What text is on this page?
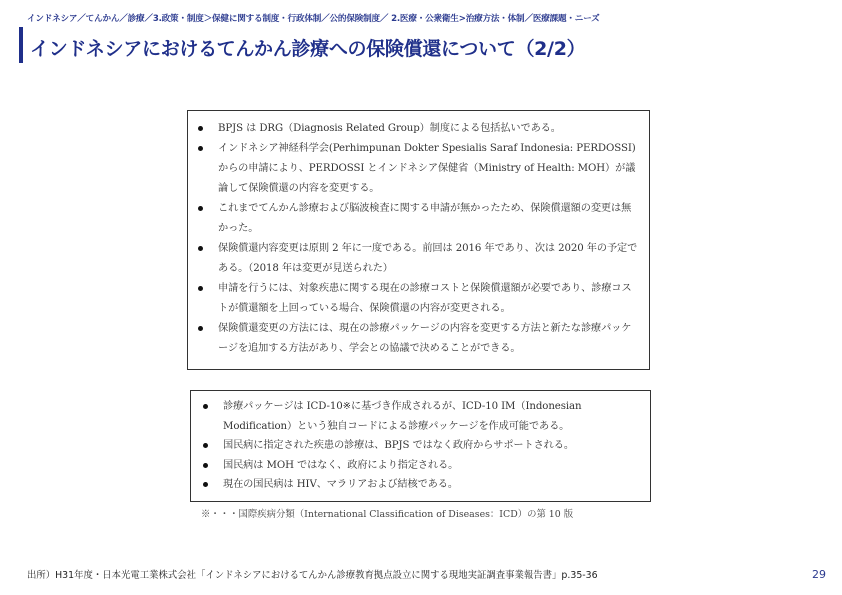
インドネシア／てんかん／診療／3.政策・制度＞保健に関する制度・行政体制／公的保険制度／ 2.医療・公衆衛生>治療方法・体制／医療課題・ニーズ
インドネシアにおけるてんかん診療への保険償還について（2/2）
BPJS は DRG（Diagnosis Related Group）制度による包括払いである。
インドネシア神経科学会(Perhimpunan Dokter Spesialis Saraf Indonesia: PERDOSSI)からの申請により、PERDOSSI とインドネシア保健省（Ministry of Health: MOH）が議論して保険償還の内容を変更する。
これまでてんかん診療および脳波検査に関する申請が無かったため、保険償還額の変更は無かった。
保険償還内容変更は原則 2 年に一度である。前回は 2016 年であり、次は 2020 年の予定である。（2018 年は変更が見送られた）
申請を行うには、対象疾患に関する現在の診療コストと保険償還額が必要であり、診療コストが償還額を上回っている場合、保険償還の内容が変更される。
保険償還変更の方法には、現在の診療パッケージの内容を変更する方法と新たな診療パッケージを追加する方法があり、学会との協議で決めることができる。
診療パッケージは ICD-10※に基づき作成されるが、ICD-10 IM（Indonesian Modification）という独自コードによる診療パッケージを作成可能である。
国民病に指定された疾患の診療は、BPJS ではなく政府からサポートされる。
国民病は MOH ではなく、政府により指定される。
現在の国民病は HIV、マラリアおよび結核である。
※・・・国際疾病分類（International Classification of Diseases：ICD）の第 10 版
出所）H31年度・日本光電工業株式会社「インドネシアにおけるてんかん診療教育拠点設立に関する現地実証調査事業報告書」p.35-36	29
